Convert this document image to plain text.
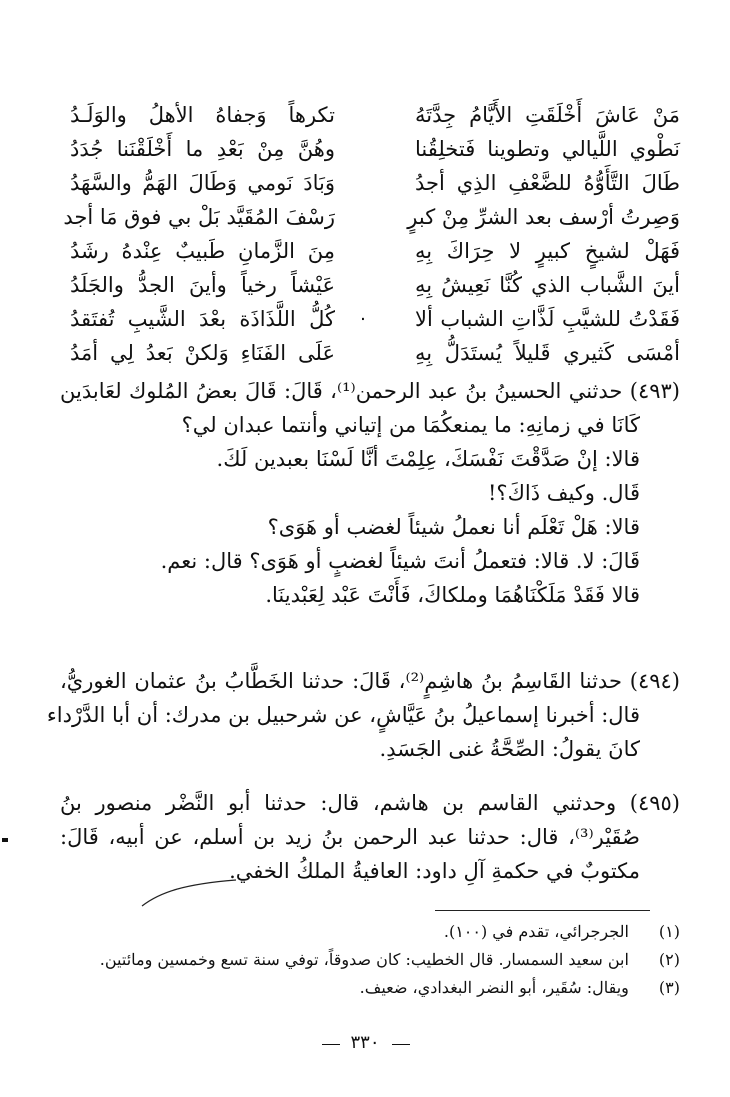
مَنْ عَاشَ أَخْلَقَتِ الأَيَّامُ جِدَّتَهُ
تكرهاً وَجفاهُ الأهلُ والوَلَـدُ
نَطْوي اللَّيالي وتطوينا فَتخلِقُنا
وهُنَّ مِنْ بَعْدِ ما أَخْلَقْنَنا جُدَدُ
طَالَ التَّأَوُّهُ للضَّعْفِ الذِي أجدُ
وَبَادَ نَومي وَطَالَ الهَمُّ والسَّهَدُ
وَصِرتُ أرْسف بعد الشرِّ مِنْ كبرٍ
رَسْفَ المُقَيَّد بَلْ بي فوق مَا أجد
فَهَلْ لشيخٍ كبيرٍ لا حِرَاكَ بِهِ
مِنَ الزَّمانِ طَبيبٌ عِنْدهُ رشَدُ
أينَ الشَّباب الذي كُنَّا نَعِيشُ بِهِ
عَيْشاً رخياً وأينَ الجدُّ والجَلَدُ
فَقَدْتُ للشيَّبِ لَذَّاتِ الشباب ألا
٠
كُلُّ اللَّذَاذَة بعْدَ الشَّيبِ تُفتَقدُ
أمْسَى كَثيري قَليلاً يُستَدَلُّ بِهِ
عَلَى الفَنَاءِ وَلكنْ بَعدُ لِي أمَدُ
(٤٩٣) حدثني الحسينُ بنُ عبد الرحمن⁽¹⁾، قَالَ: قَالَ بعضُ المُلوك لعَابدَين
كَانَا في زمانِهِ: ما يمنعكُمَا من إتياني وأنتما عبدان لي؟
قالا: إنْ صَدَّقْتَ نَفْسَكَ، عِلِمْتَ أنَّا لَسْنَا بعبدين لَكَ.
قَال. وكيف ذَاكَ؟!
قالا: هَلْ تَعْلَم أنا نعملُ شيئاً لغضب أو هَوَى؟
قَالَ: لا. قالا: فتعملُ أنتَ شيئاً لغضبٍ أو هَوَى؟ قال: نعم.
قالا فَقَدْ مَلَكْنَاهُمَا وملكاكَ، فَأَنْتَ عَبْد لِعَبْدينَا.
(٤٩٤) حدثنا القَاسِمُ بنُ هاشِمٍ⁽²⁾، قَالَ: حدثنا الخَطَّابُ بنُ عثمان الغوريُّ،
قال: أخبرنا إسماعيلُ بنُ عَيَّاشٍ، عن شرحبيل بن مدرك: أن أبا الدَّرْداء
كانَ يقولُ: الصِّحَّةُ غنى الجَسَدِ.
(٤٩٥) وحدثني القاسم بن هاشم، قال: حدثنا أبو النَّضْر منصور بنُ
صُقَيْر⁽³⁾، قال: حدثنا عبد الرحمن بنُ زيد بن أسلم، عن أبيه، قَالَ:
مكتوبٌ في حكمةِ آلِ داود: العافيةُ الملكُ الخفي.
(١) الجرجرائي، تقدم في (١٠٠).
(٢) ابن سعيد السمسار. قال الخطيب: كان صدوقاً، توفي سنة تسع وخمسين ومائتين.
(٣) ويقال: سُقَير، أبو النضر البغدادي، ضعيف.
٣٣٠
